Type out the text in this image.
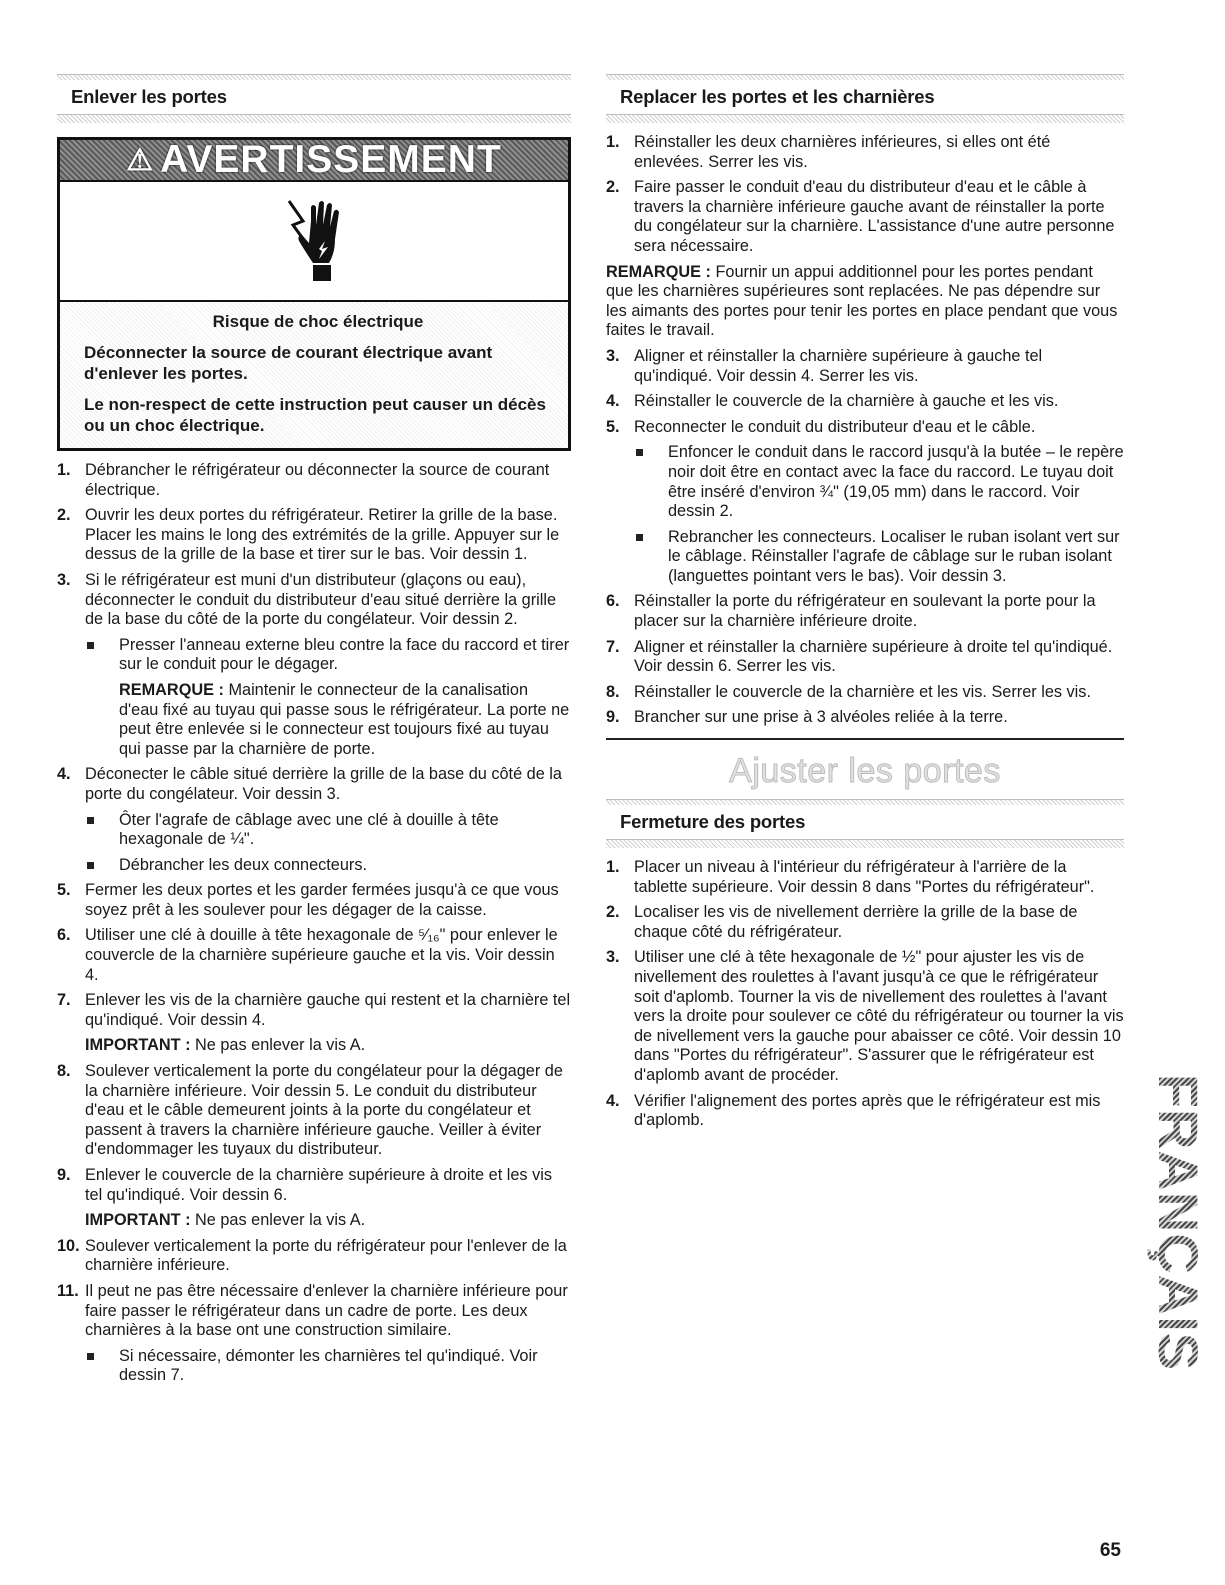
Enlever les portes
⚠ AVERTISSEMENT
Risque de choc électrique

Déconnecter la source de courant électrique avant d'enlever les portes.

Le non-respect de cette instruction peut causer un décès ou un choc électrique.

1. Débrancher le réfrigérateur ou déconnecter la source de courant électrique.
2. Ouvrir les deux portes du réfrigérateur. Retirer la grille de la base. Placer les mains le long des extrémités de la grille. Appuyer sur le dessus de la grille de la base et tirer sur le bas. Voir dessin 1.
3. Si le réfrigérateur est muni d'un distributeur (glaçons ou eau), déconnecter le conduit du distributeur d'eau situé derrière la grille de la base du côté de la porte du congélateur. Voir dessin 2.
Presser l'anneau externe bleu contre la face du raccord et tirer sur le conduit pour le dégager.
REMARQUE : Maintenir le connecteur de la canalisation d'eau fixé au tuyau qui passe sous le réfrigérateur. La porte ne peut être enlevée si le connecteur est toujours fixé au tuyau qui passe par la charnière de porte.
4. Déconecter le câble situé derrière la grille de la base du côté de la porte du congélateur. Voir dessin 3.
Ôter l'agrafe de câblage avec une clé à douille à tête hexagonale de ¼".
Débrancher les deux connecteurs.
5. Fermer les deux portes et les garder fermées jusqu'à ce que vous soyez prêt à les soulever pour les dégager de la caisse.
6. Utiliser une clé à douille à tête hexagonale de ⁵⁄₁₆" pour enlever le couvercle de la charnière supérieure gauche et la vis. Voir dessin 4.
7. Enlever les vis de la charnière gauche qui restent et la charnière tel qu'indiqué. Voir dessin 4.
IMPORTANT : Ne pas enlever la vis A.
8. Soulever verticalement la porte du congélateur pour la dégager de la charnière inférieure. Voir dessin 5. Le conduit du distributeur d'eau et le câble demeurent joints à la porte du congélateur et passent à travers la charnière inférieure gauche. Veiller à éviter d'endommager les tuyaux du distributeur.
9. Enlever le couvercle de la charnière supérieure à droite et les vis tel qu'indiqué. Voir dessin 6.
IMPORTANT : Ne pas enlever la vis A.
10. Soulever verticalement la porte du réfrigérateur pour l'enlever de la charnière inférieure.
11. Il peut ne pas être nécessaire d'enlever la charnière inférieure pour faire passer le réfrigérateur dans un cadre de porte. Les deux charnières à la base ont une construction similaire.
Si nécessaire, démonter les charnières tel qu'indiqué. Voir dessin 7.
Replacer les portes et les charnières
1. Réinstaller les deux charnières inférieures, si elles ont été enlevées. Serrer les vis.
2. Faire passer le conduit d'eau du distributeur d'eau et le câble à travers la charnière inférieure gauche avant de réinstaller la porte du congélateur sur la charnière. L'assistance d'une autre personne sera nécessaire.

REMARQUE : Fournir un appui additionnel pour les portes pendant que les charnières supérieures sont replacées. Ne pas dépendre sur les aimants des portes pour tenir les portes en place pendant que vous faites le travail.

3. Aligner et réinstaller la charnière supérieure à gauche tel qu'indiqué. Voir dessin 4. Serrer les vis.
4. Réinstaller le couvercle de la charnière à gauche et les vis.
5. Reconnecter le conduit du distributeur d'eau et le câble.
Enfoncer le conduit dans le raccord jusqu'à la butée – le repère noir doit être en contact avec la face du raccord. Le tuyau doit être inséré d'environ ¾" (19,05 mm) dans le raccord. Voir dessin 2.
Rebrancher les connecteurs. Localiser le ruban isolant vert sur le câblage. Réinstaller l'agrafe de câblage sur le ruban isolant (languettes pointant vers le bas). Voir dessin 3.
6. Réinstaller la porte du réfrigérateur en soulevant la porte pour la placer sur la charnière inférieure droite.
7. Aligner et réinstaller la charnière supérieure à droite tel qu'indiqué. Voir dessin 6. Serrer les vis.
8. Réinstaller le couvercle de la charnière et les vis. Serrer les vis.
9. Brancher sur une prise à 3 alvéoles reliée à la terre.
Ajuster les portes
Fermeture des portes
1. Placer un niveau à l'intérieur du réfrigérateur à l'arrière de la tablette supérieure. Voir dessin 8 dans "Portes du réfrigérateur".
2. Localiser les vis de nivellement derrière la grille de la base de chaque côté du réfrigérateur.
3. Utiliser une clé à tête hexagonale de ½" pour ajuster les vis de nivellement des roulettes à l'avant jusqu'à ce que le réfrigérateur soit d'aplomb. Tourner la vis de nivellement des roulettes à l'avant vers la droite pour soulever ce côté du réfrigérateur ou tourner la vis de nivellement vers la gauche pour abaisser ce côté. Voir dessin 10 dans "Portes du réfrigérateur". S'assurer que le réfrigérateur est d'aplomb avant de procéder.
4. Vérifier l'alignement des portes après que le réfrigérateur est mis d'aplomb.	FRANÇAIS
65
